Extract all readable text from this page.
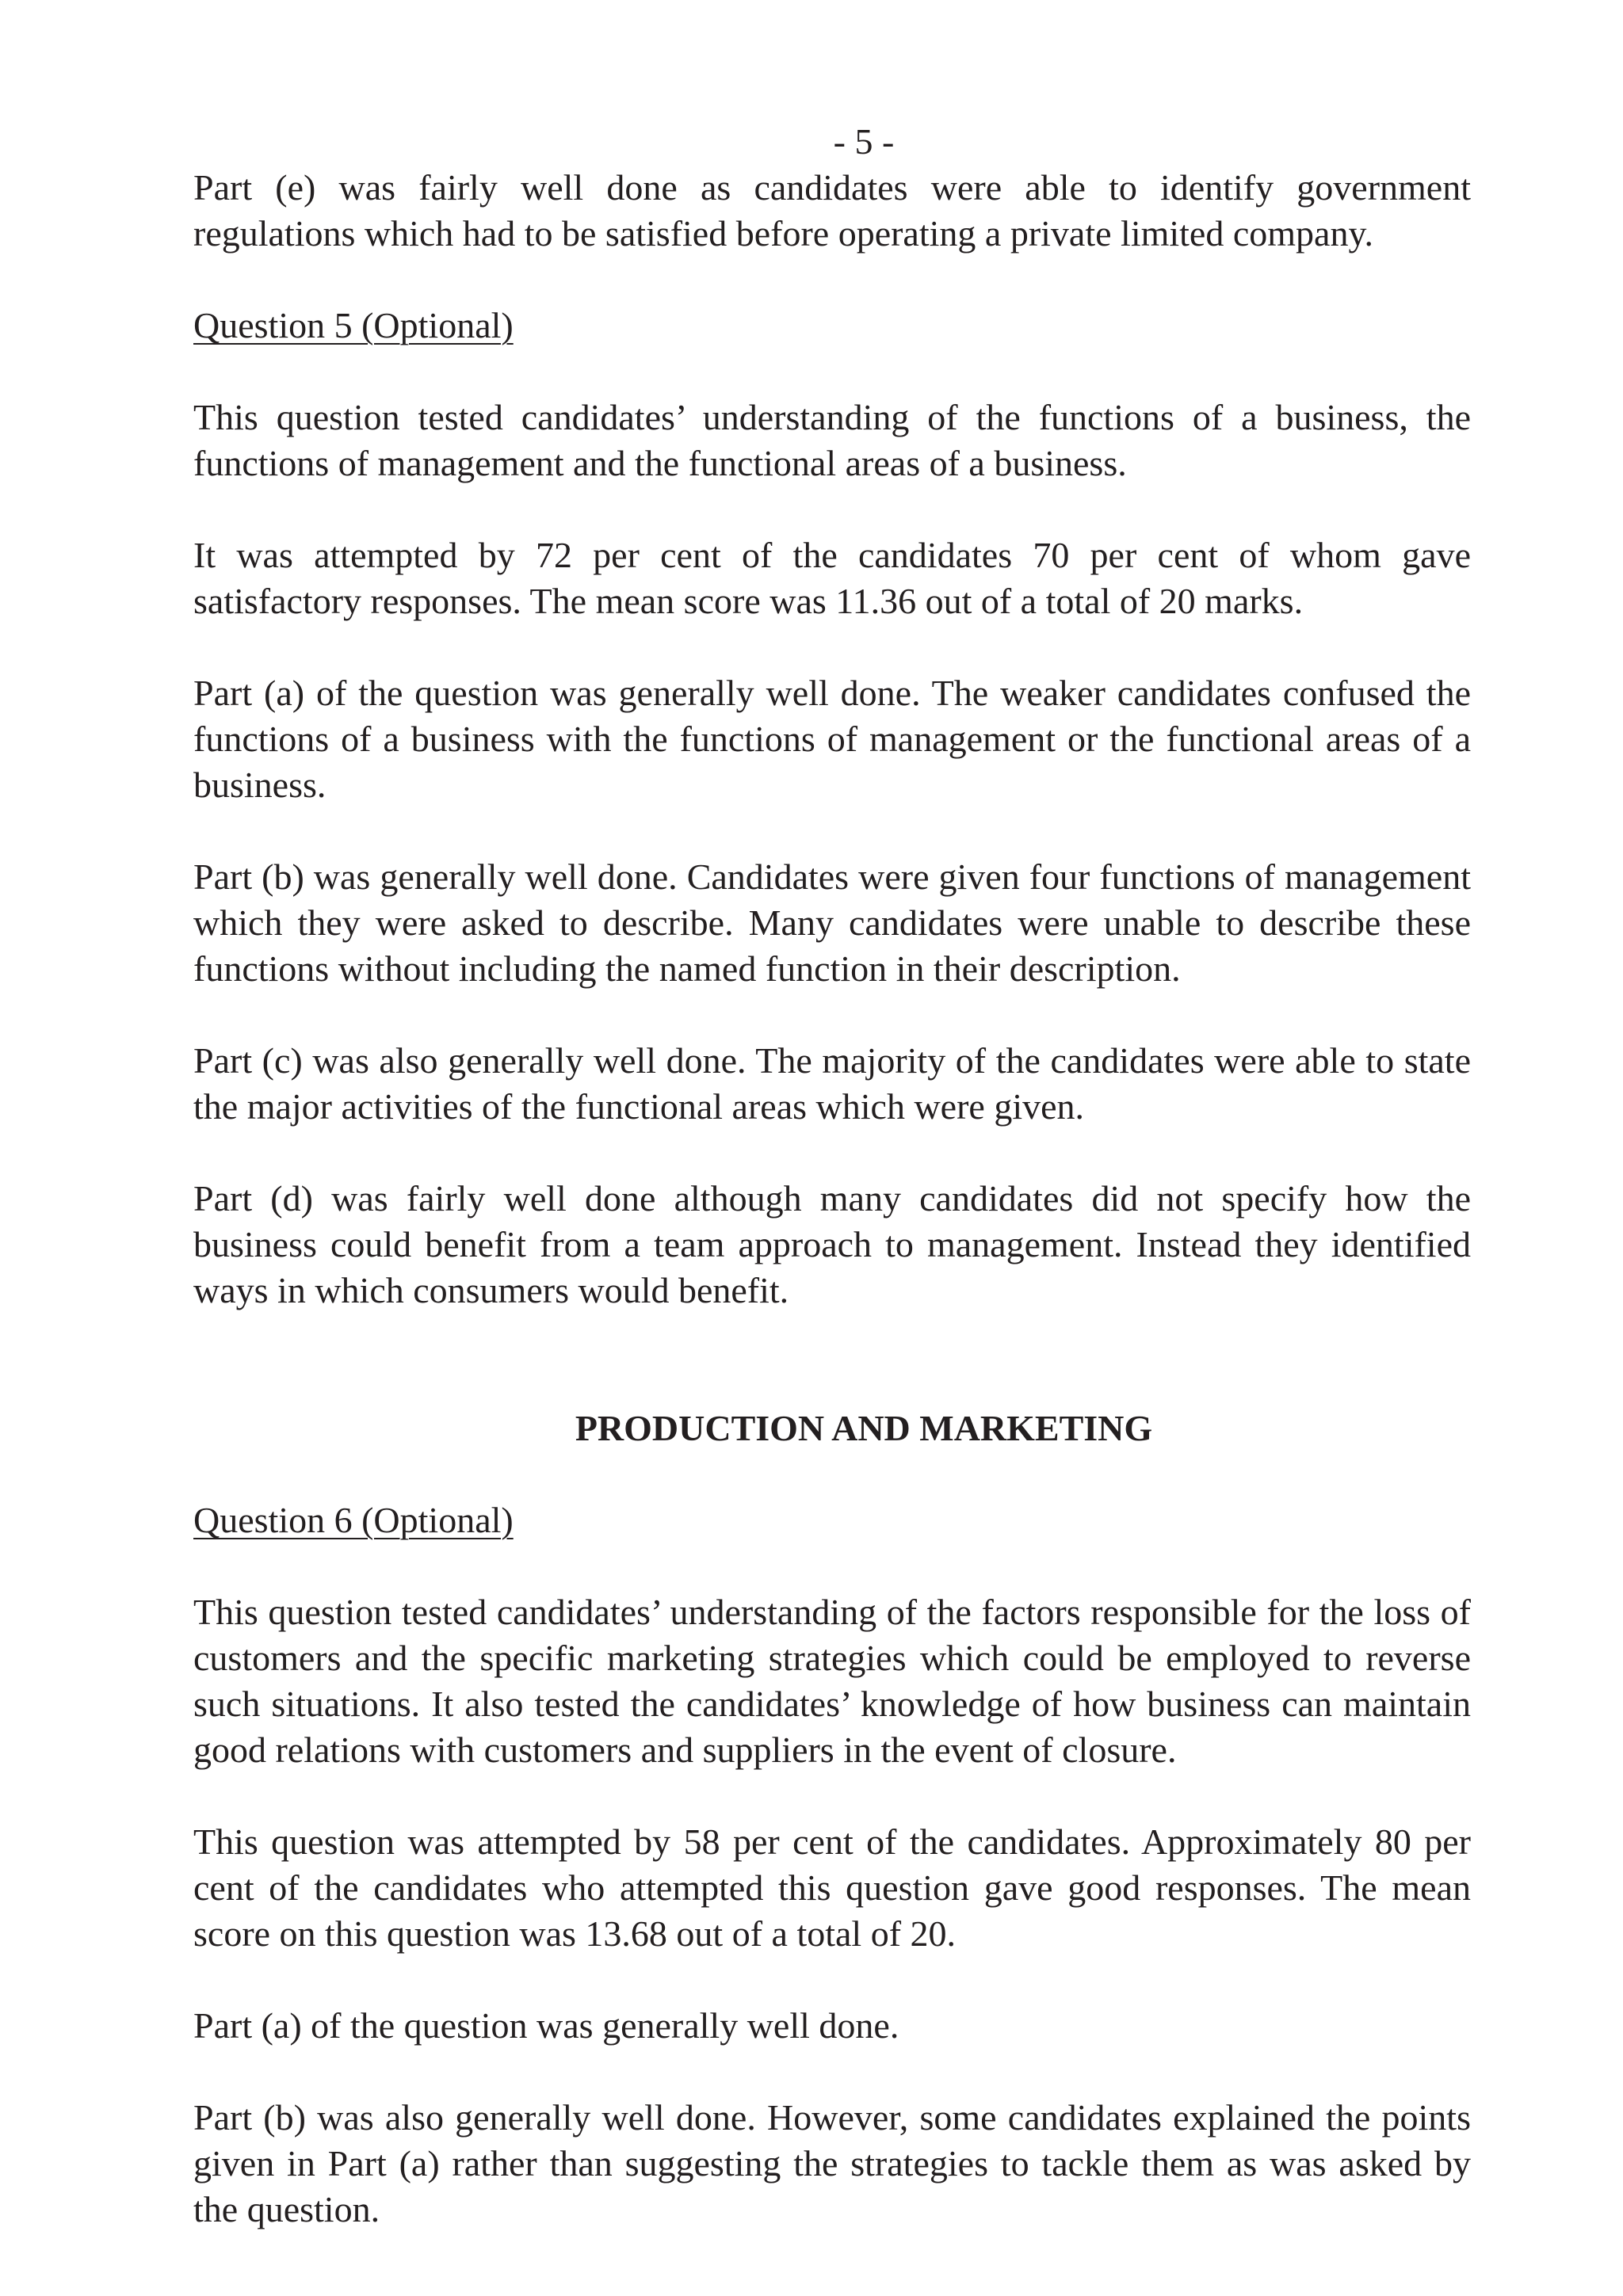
- 5 -

Part (e) was fairly well done as candidates were able to identify government regulations which had to be satisfied before operating a private limited company.

Question 5 (Optional)

This question tested candidates’ understanding of the functions of a business, the functions of management and the functional areas of a business.

It was attempted by 72 per cent of the candidates 70 per cent of whom gave satisfactory responses. The mean score was 11.36 out of a total of 20 marks.

Part (a) of the question was generally well done. The weaker candidates confused the functions of a business with the functions of management or the functional areas of a business.

Part (b) was generally well done. Candidates were given four functions of management which they were asked to describe. Many candidates were unable to describe these functions without including the named function in their description.

Part (c) was also generally well done. The majority of the candidates were able to state the major activities of the functional areas which were given.

Part (d) was fairly well done although many candidates did not specify how the business could benefit from a team approach to management. Instead they identified ways in which consumers would benefit.

PRODUCTION AND MARKETING

Question 6 (Optional)

This question tested candidates’ understanding of the factors responsible for the loss of customers and the specific marketing strategies which could be employed to reverse such situations. It also tested the candidates’ knowledge of how business can maintain good relations with customers and suppliers in the event of closure.

This question was attempted by 58 per cent of the candidates. Approximately 80 per cent of the candidates who attempted this question gave good responses. The mean score on this question was 13.68 out of a total of 20.

Part (a) of the question was generally well done.

Part (b) was also generally well done. However, some candidates explained the points given in Part (a) rather than suggesting the strategies to tackle them as was asked by the question.
